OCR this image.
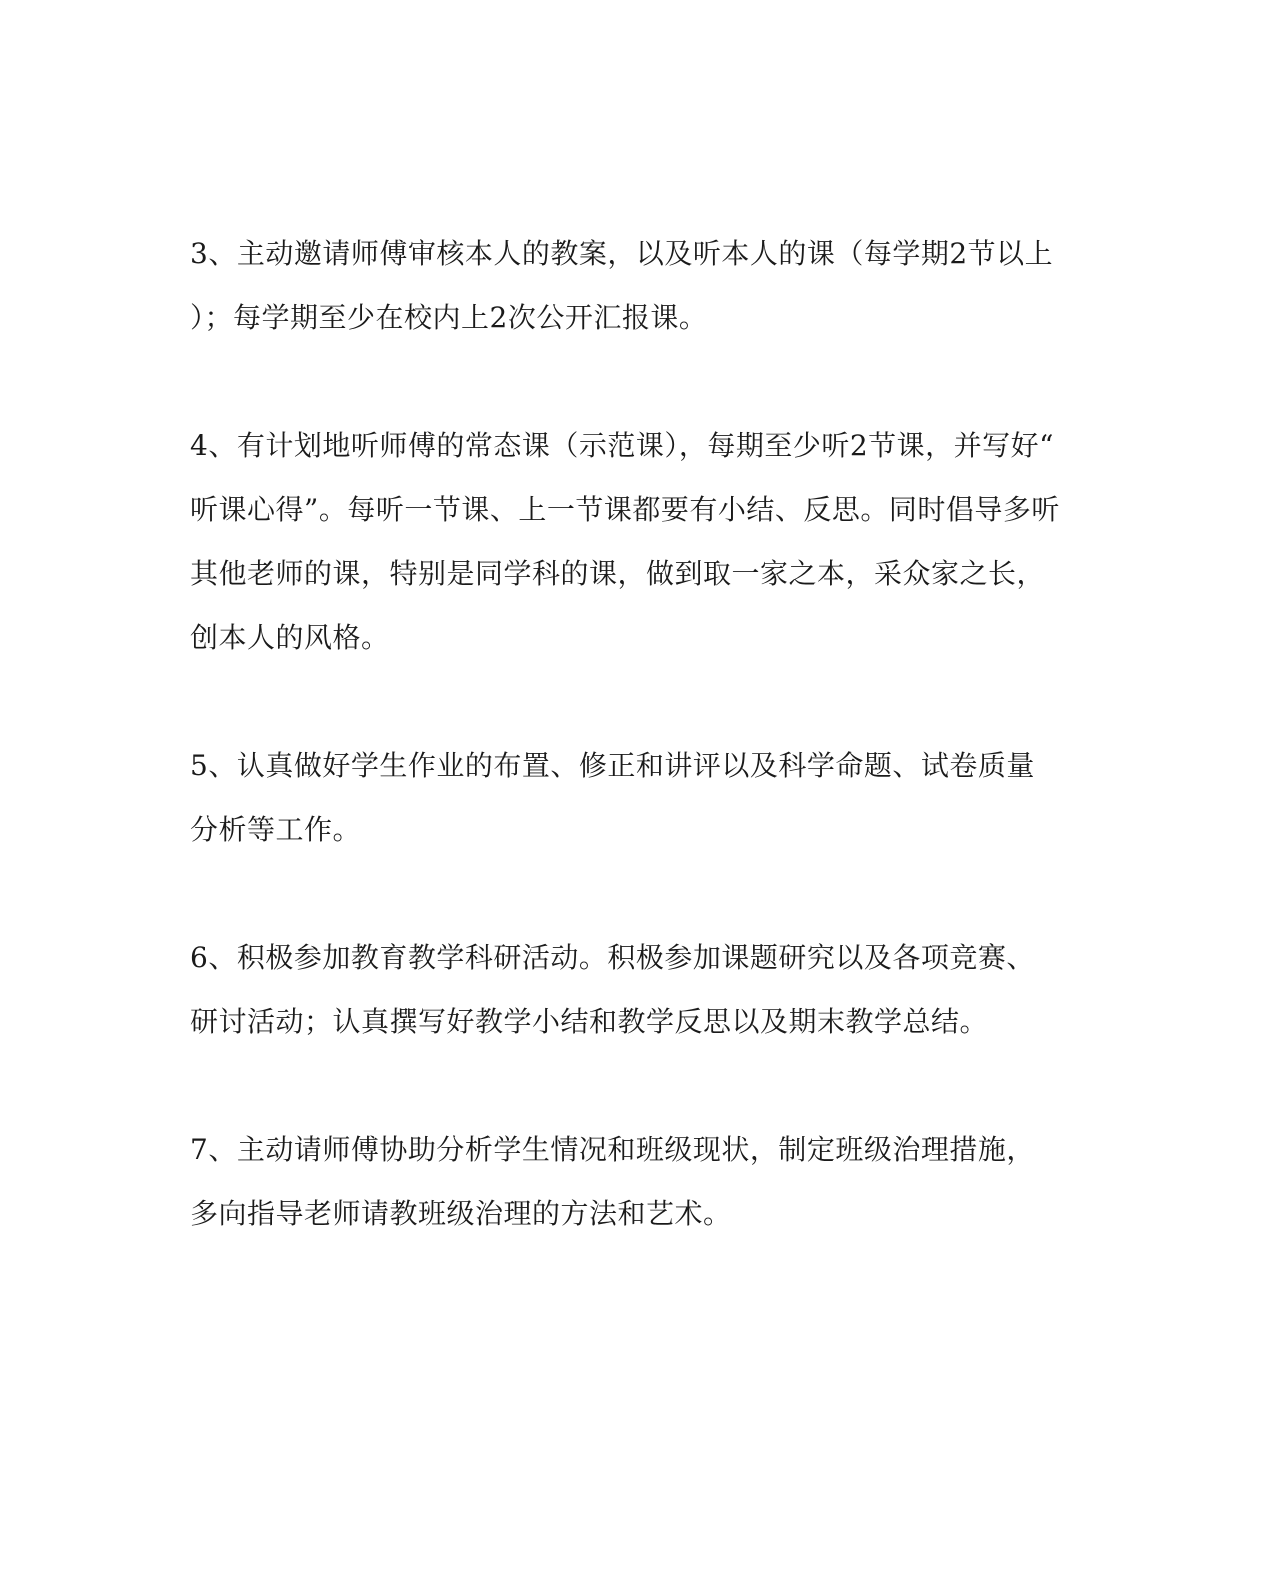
3、主动邀请师傅审核本人的教案，以及听本人的课（每学期2节以上
）；每学期至少在校内上2次公开汇报课。
4、有计划地听师傅的常态课（示范课），每期至少听2节课，并写好“
听课心得”。每听一节课、上一节课都要有小结、反思。同时倡导多听
其他老师的课，特别是同学科的课，做到取一家之本，采众家之长，
创本人的风格。
5、认真做好学生作业的布置、修正和讲评以及科学命题、试卷质量
分析等工作。
6、积极参加教育教学科研活动。积极参加课题研究以及各项竞赛、
研讨活动；认真撰写好教学小结和教学反思以及期末教学总结。
7、主动请师傅协助分析学生情况和班级现状，制定班级治理措施，
多向指导老师请教班级治理的方法和艺术。
